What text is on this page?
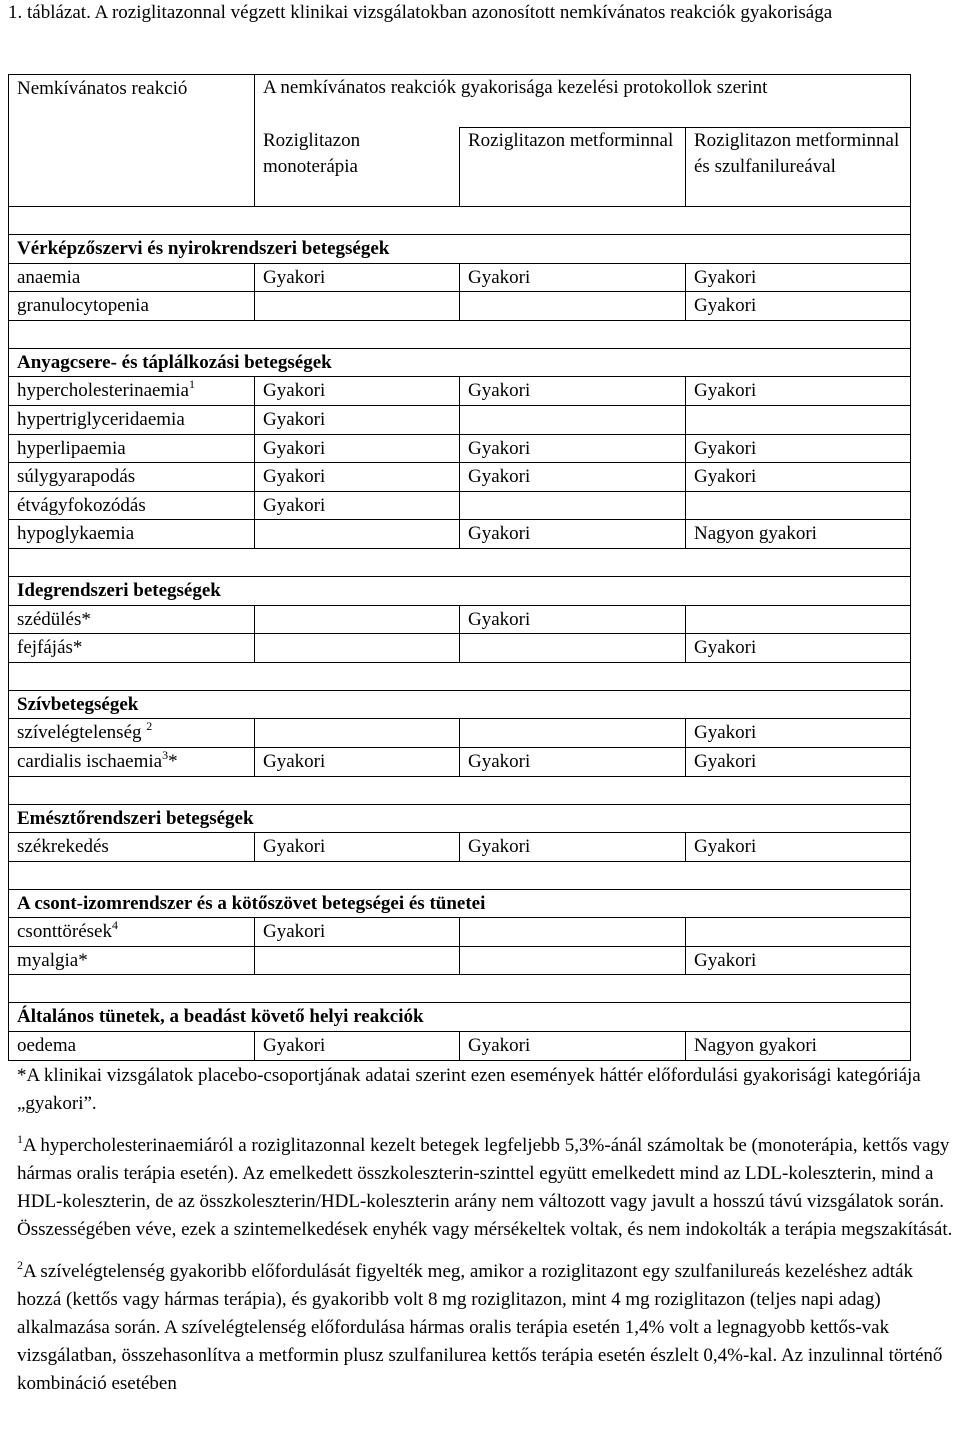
1. táblázat. A roziglitazonnal végzett klinikai vizsgálatokban azonosított nemkívánatos reakciók gyakorisága
Nemkívánatos reakció	A nemkívánatos reakciók gyakorisága kezelési protokollok szerint		
	Roziglitazon monoterápia	Roziglitazon metforminnal	Roziglitazon metforminnal és szulfanilureával

Vérképzőszervi és nyirokrendszeri betegségek			
anaemia	Gyakori	Gyakori	Gyakori
granulocytopenia			Gyakori

Anyagcsere- és táplálkozási betegségek			
hypercholesterinaemia$^1$	Gyakori	Gyakori	Gyakori
hypertriglyceridaemia	Gyakori		
hyperlipaemia	Gyakori	Gyakori	Gyakori
súlygyarapodás	Gyakori	Gyakori	Gyakori
étvágyfokozódás	Gyakori		
hypoglykaemia		Gyakori	Nagyon gyakori

Idegrendszeri betegségek			
szédülés*		Gyakori	
fejfájás*			Gyakori

Szívbetegségek			
szívelégtelenség $^2$			Gyakori
cardialis ischaemia$^3$*	Gyakori	Gyakori	Gyakori

Emésztőrendszeri betegségek			
székrekedés	Gyakori	Gyakori	Gyakori

A csont-izomrendszer és a kötőszövet betegségei és tünetei			
csonttörések$^4$	Gyakori		
myalgia*			Gyakori

Általános tünetek, a beadást követő helyi reakciók			
oedema	Gyakori	Gyakori	Nagyon gyakori

*A klinikai vizsgálatok placebo-csoportjának adatai szerint ezen események háttér előfordulási gyakorisági kategóriája „gyakori”.

$^1$A hypercholesterinaemiáról a roziglitazonnal kezelt betegek legfeljebb 5,3%-ánál számoltak be (monoterápia, kettős vagy hármas oralis terápia esetén). Az emelkedett összkoleszterin-szinttel együtt emelkedett mind az LDL-koleszterin, mind a HDL-koleszterin, de az összkoleszterin/HDL-koleszterin arány nem változott vagy javult a hosszú távú vizsgálatok során. Összességében véve, ezek a szintemelkedések enyhék vagy mérsékeltek voltak, és nem indokolták a terápia megszakítását.

$^2$A szívelégtelenség gyakoribb előfordulását figyelték meg, amikor a roziglitazont egy szulfanilureás kezeléshez adták hozzá (kettős vagy hármas terápia), és gyakoribb volt 8 mg roziglitazon, mint 4 mg roziglitazon (teljes napi adag) alkalmazása során. A szívelégtelenség előfordulása hármas oralis terápia esetén 1,4% volt a legnagyobb kettős-vak vizsgálatban, összehasonlítva a metformin plusz szulfanilurea kettős terápia esetén észlelt 0,4%-kal. Az inzulinnal történő kombináció esetében
